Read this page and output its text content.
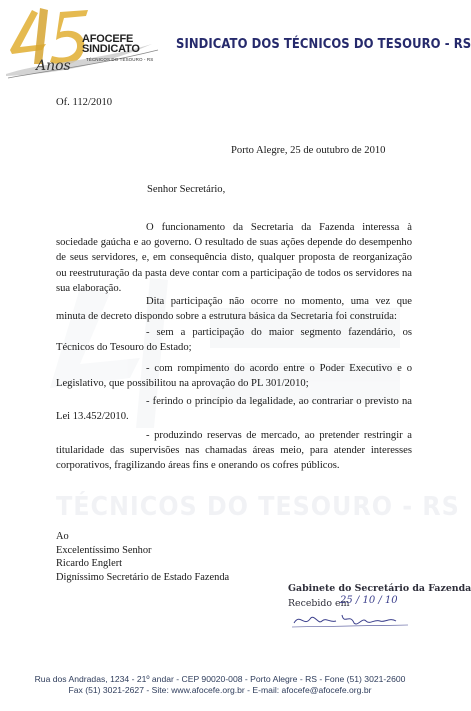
AFOCEFE
SINDICATO
TÉCNICOS DO TESOURO - RS
Anos
SINDICATO DOS TÉCNICOS DO TESOURO - RS
TÉCNICOS DO TESOURO - RS
Of. 112/2010
Porto Alegre, 25 de outubro de 2010
Senhor Secretário,
O funcionamento da Secretaria da Fazenda interessa à sociedade gaúcha e ao governo. O resultado de suas ações depende do desempenho de seus servidores, e, em consequência disto, qualquer proposta de reorganização ou reestruturação da pasta deve contar com a participação de todos os servidores na sua elaboração.
Dita participação não ocorre no momento, uma vez que minuta de decreto dispondo sobre a estrutura básica da Secretaria foi construída:
- sem a participação do maior segmento fazendário, os Técnicos do Tesouro do Estado;
- com rompimento do acordo entre o Poder Executivo e o Legislativo, que possibilitou na aprovação do PL 301/2010;
- ferindo o princípio da legalidade, ao contrariar o previsto na Lei 13.452/2010.
- produzindo reservas de mercado, ao pretender restringir a titularidade das supervisões nas chamadas áreas meio, para atender interesses corporativos, fragilizando áreas fins e onerando os cofres públicos.
Ao
Excelentíssimo Senhor
Ricardo Englert
Digníssimo Secretário de Estado Fazenda
Gabinete do Secretário da Fazenda
Recebido em
25 / 10 / 10
Rua dos Andradas, 1234 - 21º andar - CEP 90020-008 - Porto Alegre - RS - Fone (51) 3021-2600
Fax (51) 3021-2627 - Site: www.afocefe.org.br - E-mail: afocefe@afocefe.org.br
